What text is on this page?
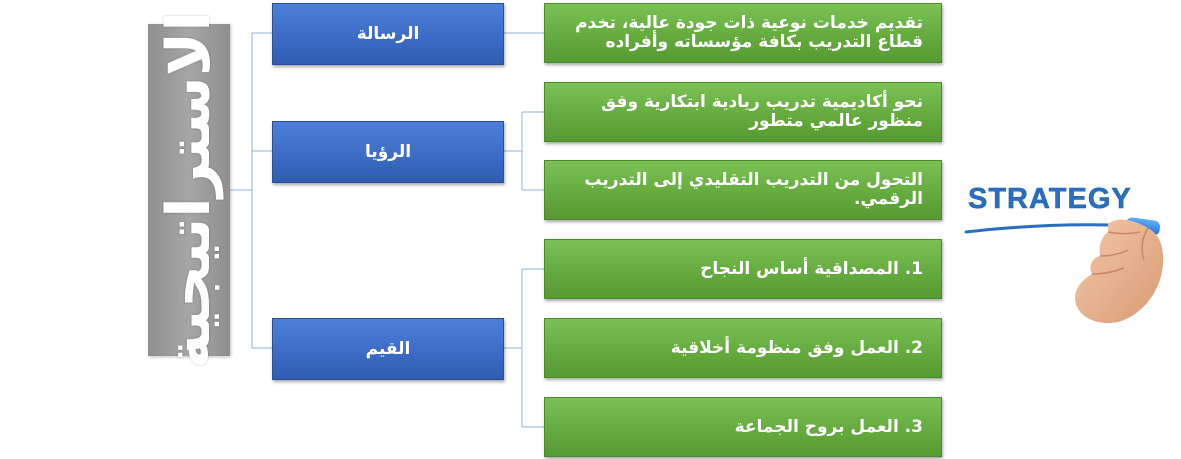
الاستراتيجية	الرسالة
الرؤيا
القيم
تقديم خدمات نوعية ذات جودة عالية، تخدم قطاع التدريب بكافة مؤسساته وأفراده
نحو أكاديمية تدريب ريادية ابتكارية وفق منظور عالمي متطور
التحول من التدريب التقليدي إلى التدريب الرقمي.
1. المصداقية أساس النجاح
2. العمل وفق منظومة أخلاقية
3. العمل بروح الجماعة
STRATEGY
